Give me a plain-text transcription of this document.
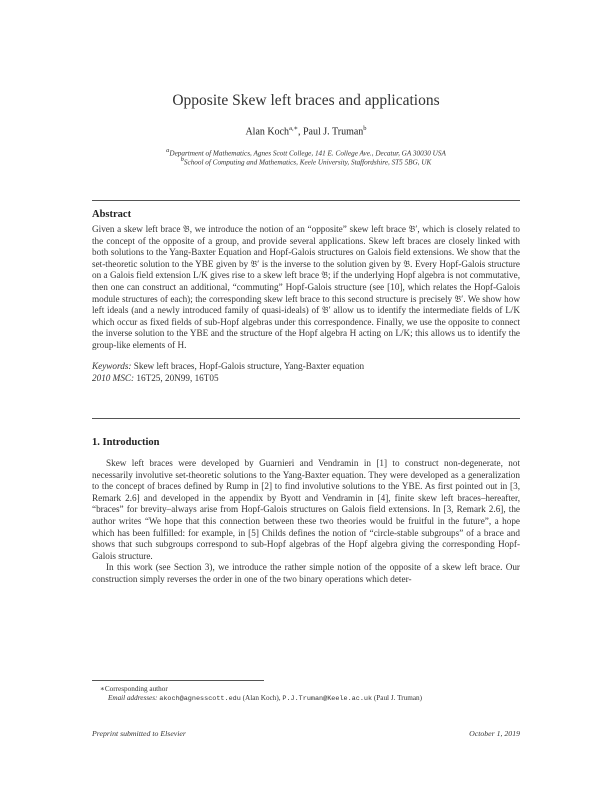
Opposite Skew left braces and applications
Alan Koch$^{a,∗}$, Paul J. Truman$^b$
aDepartment of Mathematics, Agnes Scott College, 141 E. College Ave., Decatur, GA 30030 USA
bSchool of Computing and Mathematics, Keele University, Staffordshire, ST5 5BG, UK
Abstract
Given a skew left brace 𝔅, we introduce the notion of an “opposite” skew left brace 𝔅′, which is closely related to the concept of the opposite of a group, and provide several applications. Skew left braces are closely linked with both solutions to the Yang-Baxter Equation and Hopf-Galois structures on Galois field extensions. We show that the set-theoretic solution to the YBE given by 𝔅′ is the inverse to the solution given by 𝔅. Every Hopf-Galois structure on a Galois field extension L/K gives rise to a skew left brace 𝔅; if the underlying Hopf algebra is not commutative, then one can construct an additional, “commuting” Hopf-Galois structure (see [10], which relates the Hopf-Galois module structures of each); the corresponding skew left brace to this second structure is precisely 𝔅′. We show how left ideals (and a newly introduced family of quasi-ideals) of 𝔅′ allow us to identify the intermediate fields of L/K which occur as fixed fields of sub-Hopf algebras under this correspondence. Finally, we use the opposite to connect the inverse solution to the YBE and the structure of the Hopf algebra H acting on L/K; this allows us to identify the group-like elements of H.
Keywords: Skew left braces, Hopf-Galois structure, Yang-Baxter equation
2010 MSC: 16T25, 20N99, 16T05
1. Introduction

Skew left braces were developed by Guarnieri and Vendramin in [1] to construct non-degenerate, not necessarily involutive set-theoretic solutions to the Yang-Baxter equation. They were developed as a generalization to the concept of braces defined by Rump in [2] to find involutive solutions to the YBE. As first pointed out in [3, Remark 2.6] and developed in the appendix by Byott and Vendramin in [4], finite skew left braces–hereafter, “braces” for brevity–always arise from Hopf-Galois structures on Galois field extensions. In [3, Remark 2.6], the author writes “We hope that this connection between these two theories would be fruitful in the future”, a hope which has been fulfilled: for example, in [5] Childs defines the notion of “circle-stable subgroups” of a brace and shows that such subgroups correspond to sub-Hopf algebras of the Hopf algebra giving the corresponding Hopf-Galois structure.

In this work (see Section 3), we introduce the rather simple notion of the opposite of a skew left brace. Our construction simply reverses the order in one of the two binary operations which deter-

∗Corresponding author
Email addresses: akoch@agnesscott.edu (Alan Koch), P.J.Truman@Keele.ac.uk (Paul J. Truman)
Preprint submitted to Elsevier	October 1, 2019
